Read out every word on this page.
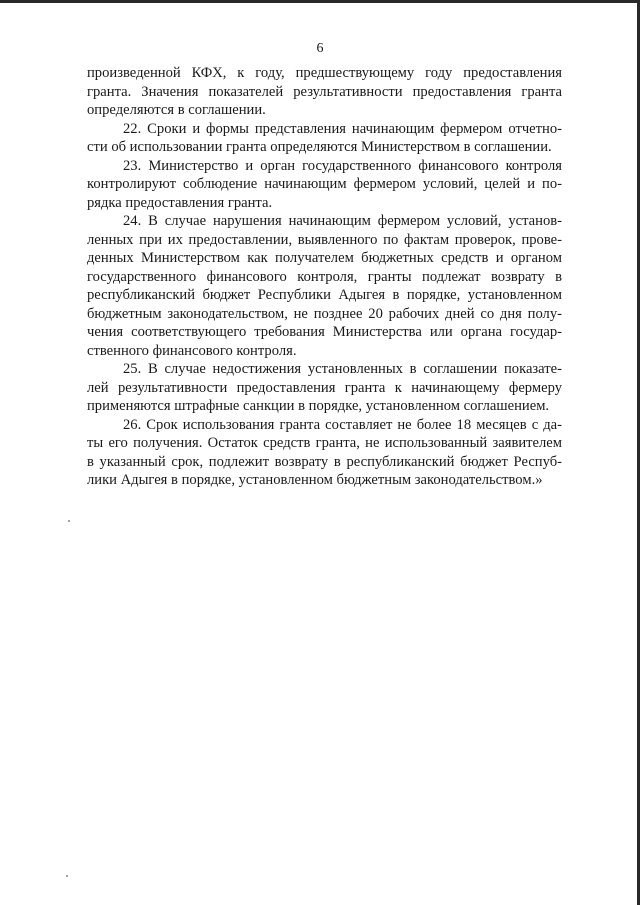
6

произведенной КФХ, к году, предшествующему году предоставления
гранта. Значения показателей результативности предоставления гранта
определяются в соглашении.

22. Сроки и формы представления начинающим фермером отчетно-
сти об использовании гранта определяются Министерством в соглашении.

23. Министерство и орган государственного финансового контроля
контролируют соблюдение начинающим фермером условий, целей и по-
рядка предоставления гранта.

24. В случае нарушения начинающим фермером условий, установ-
ленных при их предоставлении, выявленного по фактам проверок, прове-
денных Министерством как получателем бюджетных средств и органом
государственного финансового контроля, гранты подлежат возврату в
республиканский бюджет Республики Адыгея в порядке, установленном
бюджетным законодательством, не позднее 20 рабочих дней со дня полу-
чения соответствующего требования Министерства или органа государ-
ственного финансового контроля.

25. В случае недостижения установленных в соглашении показате-
лей результативности предоставления гранта к начинающему фермеру
применяются штрафные санкции в порядке, установленном соглашением.

26. Срок использования гранта составляет не более 18 месяцев с да-
ты его получения. Остаток средств гранта, не использованный заявителем
в указанный срок, подлежит возврату в республиканский бюджет Респуб-
лики Адыгея в порядке, установленном бюджетным законодательством.»
